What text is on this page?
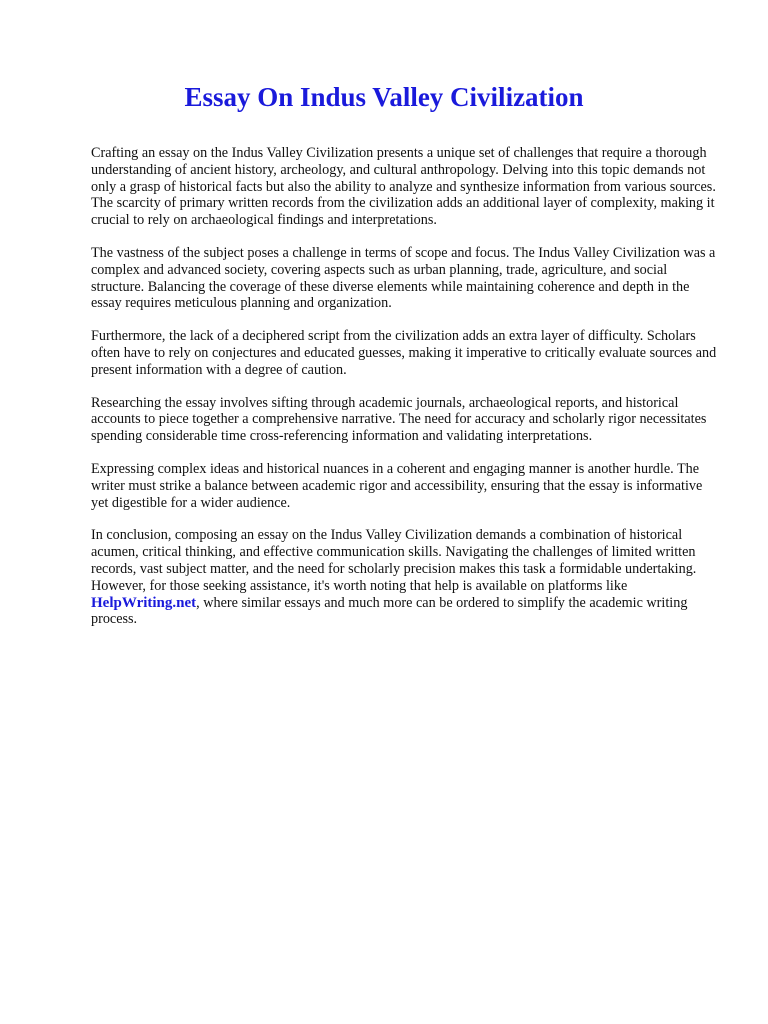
Essay On Indus Valley Civilization

Crafting an essay on the Indus Valley Civilization presents a unique set of challenges that require a thorough understanding of ancient history, archeology, and cultural anthropology. Delving into this topic demands not only a grasp of historical facts but also the ability to analyze and synthesize information from various sources. The scarcity of primary written records from the civilization adds an additional layer of complexity, making it crucial to rely on archaeological findings and interpretations.

The vastness of the subject poses a challenge in terms of scope and focus. The Indus Valley Civilization was a complex and advanced society, covering aspects such as urban planning, trade, agriculture, and social structure. Balancing the coverage of these diverse elements while maintaining coherence and depth in the essay requires meticulous planning and organization.

Furthermore, the lack of a deciphered script from the civilization adds an extra layer of difficulty. Scholars often have to rely on conjectures and educated guesses, making it imperative to critically evaluate sources and present information with a degree of caution.

Researching the essay involves sifting through academic journals, archaeological reports, and historical accounts to piece together a comprehensive narrative. The need for accuracy and scholarly rigor necessitates spending considerable time cross-referencing information and validating interpretations.

Expressing complex ideas and historical nuances in a coherent and engaging manner is another hurdle. The writer must strike a balance between academic rigor and accessibility, ensuring that the essay is informative yet digestible for a wider audience.

In conclusion, composing an essay on the Indus Valley Civilization demands a combination of historical acumen, critical thinking, and effective communication skills. Navigating the challenges of limited written records, vast subject matter, and the need for scholarly precision makes this task a formidable undertaking. However, for those seeking assistance, it's worth noting that help is available on platforms like HelpWriting.net, where similar essays and much more can be ordered to simplify the academic writing process.
